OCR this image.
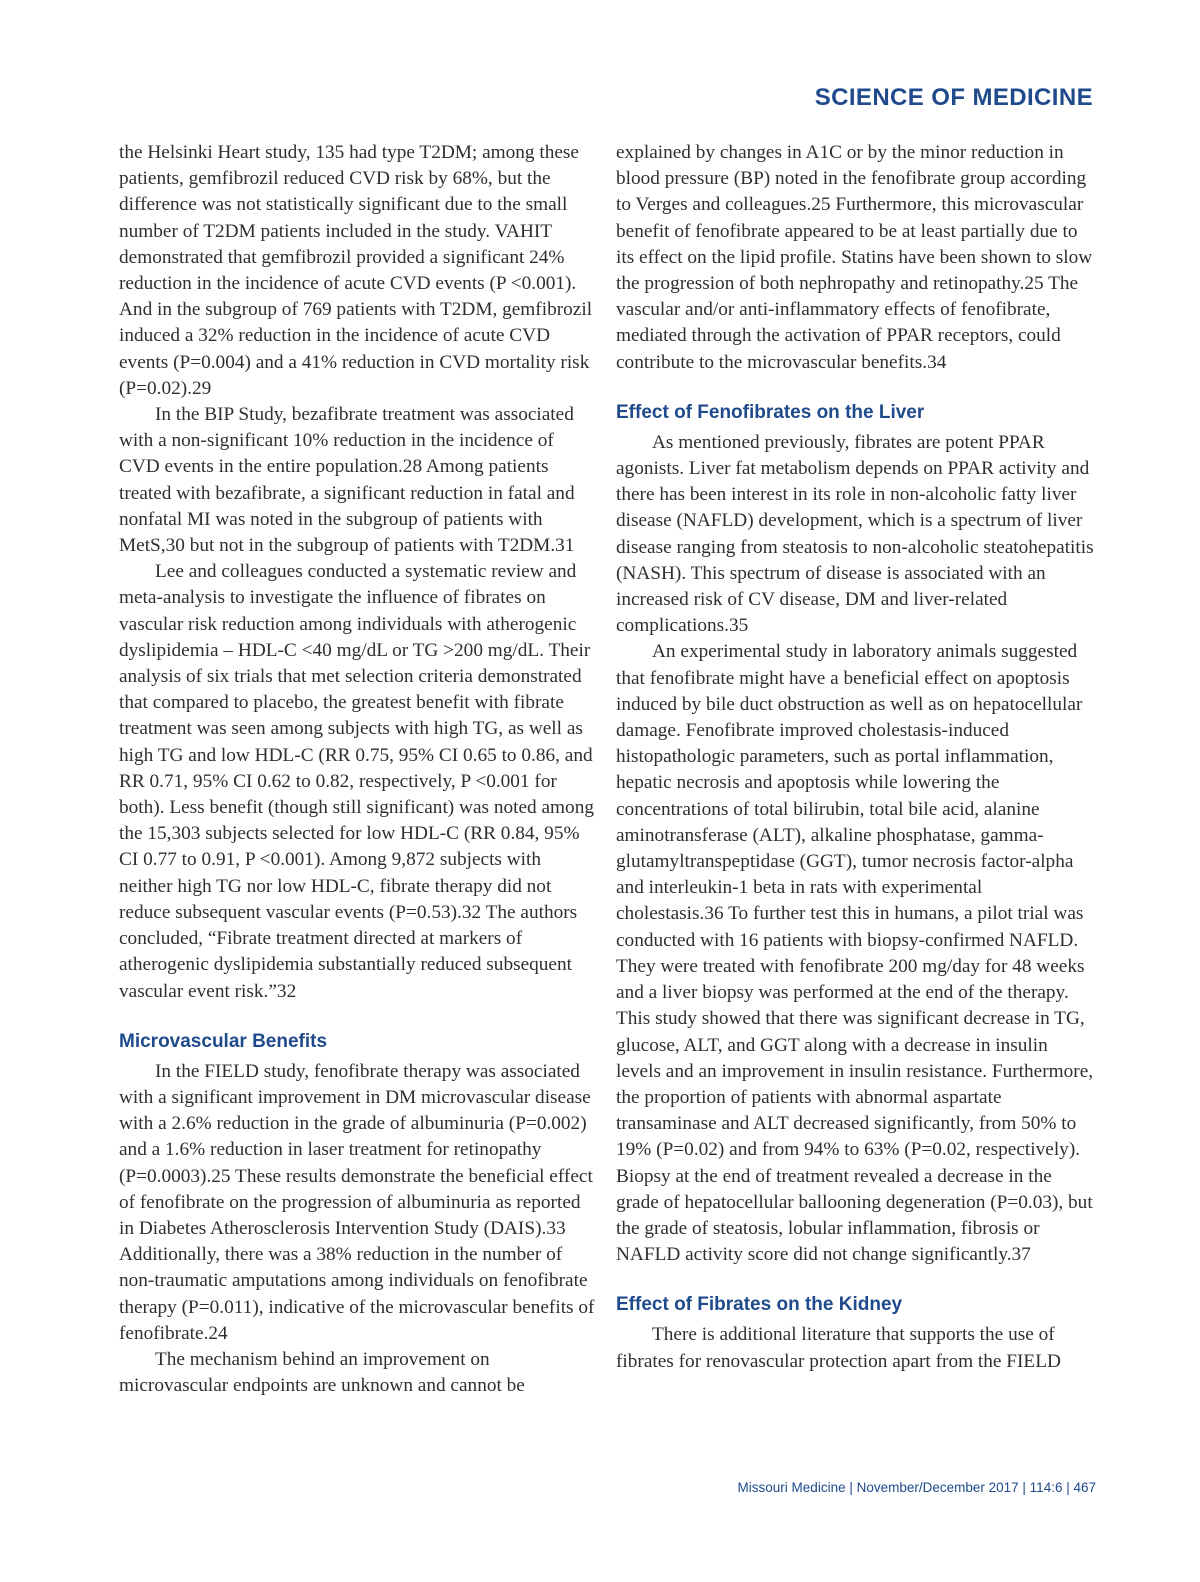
SCIENCE OF MEDICINE

the Helsinki Heart study, 135 had type T2DM; among these patients, gemfibrozil reduced CVD risk by 68%, but the difference was not statistically significant due to the small number of T2DM patients included in the study. VAHIT demonstrated that gemfibrozil provided a significant 24% reduction in the incidence of acute CVD events (P <0.001). And in the subgroup of 769 patients with T2DM, gemfibrozil induced a 32% reduction in the incidence of acute CVD events (P=0.004) and a 41% reduction in CVD mortality risk (P=0.02).29

In the BIP Study, bezafibrate treatment was associated with a non-significant 10% reduction in the incidence of CVD events in the entire population.28 Among patients treated with bezafibrate, a significant reduction in fatal and nonfatal MI was noted in the subgroup of patients with MetS,30 but not in the subgroup of patients with T2DM.31

Lee and colleagues conducted a systematic review and meta-analysis to investigate the influence of fibrates on vascular risk reduction among individuals with atherogenic dyslipidemia – HDL-C <40 mg/dL or TG >200 mg/dL. Their analysis of six trials that met selection criteria demonstrated that compared to placebo, the greatest benefit with fibrate treatment was seen among subjects with high TG, as well as high TG and low HDL-C (RR 0.75, 95% CI 0.65 to 0.86, and RR 0.71, 95% CI 0.62 to 0.82, respectively, P <0.001 for both). Less benefit (though still significant) was noted among the 15,303 subjects selected for low HDL-C (RR 0.84, 95% CI 0.77 to 0.91, P <0.001). Among 9,872 subjects with neither high TG nor low HDL-C, fibrate therapy did not reduce subsequent vascular events (P=0.53).32 The authors concluded, “Fibrate treatment directed at markers of atherogenic dyslipidemia substantially reduced subsequent vascular event risk.”32

Microvascular Benefits

In the FIELD study, fenofibrate therapy was associated with a significant improvement in DM microvascular disease with a 2.6% reduction in the grade of albuminuria (P=0.002) and a 1.6% reduction in laser treatment for retinopathy (P=0.0003).25 These results demonstrate the beneficial effect of fenofibrate on the progression of albuminuria as reported in Diabetes Atherosclerosis Intervention Study (DAIS).33 Additionally, there was a 38% reduction in the number of non-traumatic amputations among individuals on fenofibrate therapy (P=0.011), indicative of the microvascular benefits of fenofibrate.24

The mechanism behind an improvement on microvascular endpoints are unknown and cannot be

explained by changes in A1C or by the minor reduction in blood pressure (BP) noted in the fenofibrate group according to Verges and colleagues.25 Furthermore, this microvascular benefit of fenofibrate appeared to be at least partially due to its effect on the lipid profile. Statins have been shown to slow the progression of both nephropathy and retinopathy.25 The vascular and/or anti-inflammatory effects of fenofibrate, mediated through the activation of PPAR receptors, could contribute to the microvascular benefits.34

Effect of Fenofibrates on the Liver

As mentioned previously, fibrates are potent PPAR agonists. Liver fat metabolism depends on PPAR activity and there has been interest in its role in non-alcoholic fatty liver disease (NAFLD) development, which is a spectrum of liver disease ranging from steatosis to non-alcoholic steatohepatitis (NASH). This spectrum of disease is associated with an increased risk of CV disease, DM and liver-related complications.35

An experimental study in laboratory animals suggested that fenofibrate might have a beneficial effect on apoptosis induced by bile duct obstruction as well as on hepatocellular damage. Fenofibrate improved cholestasis-induced histopathologic parameters, such as portal inflammation, hepatic necrosis and apoptosis while lowering the concentrations of total bilirubin, total bile acid, alanine aminotransferase (ALT), alkaline phosphatase, gamma-glutamyltranspeptidase (GGT), tumor necrosis factor-alpha and interleukin-1 beta in rats with experimental cholestasis.36 To further test this in humans, a pilot trial was conducted with 16 patients with biopsy-confirmed NAFLD. They were treated with fenofibrate 200 mg/day for 48 weeks and a liver biopsy was performed at the end of the therapy. This study showed that there was significant decrease in TG, glucose, ALT, and GGT along with a decrease in insulin levels and an improvement in insulin resistance. Furthermore, the proportion of patients with abnormal aspartate transaminase and ALT decreased significantly, from 50% to 19% (P=0.02) and from 94% to 63% (P=0.02, respectively). Biopsy at the end of treatment revealed a decrease in the grade of hepatocellular ballooning degeneration (P=0.03), but the grade of steatosis, lobular inflammation, fibrosis or NAFLD activity score did not change significantly.37

Effect of Fibrates on the Kidney

There is additional literature that supports the use of fibrates for renovascular protection apart from the FIELD

Missouri Medicine | November/December 2017 | 114:6 | 467
